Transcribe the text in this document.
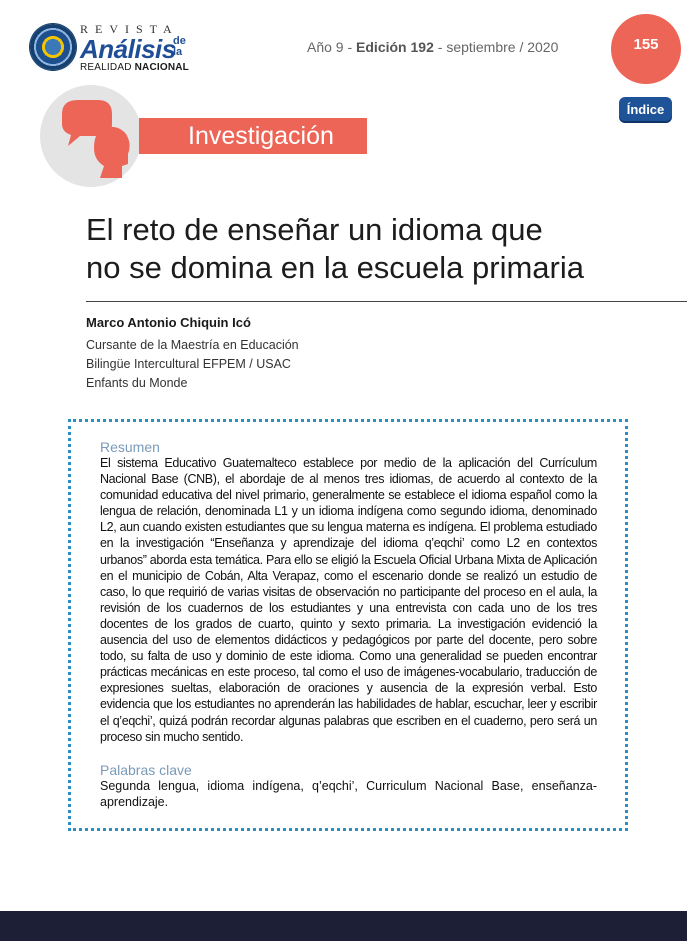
REVISTA
Análisis
de la
REALIDAD NACIONAL
Año 9 - Edición 192 - septiembre / 2020	155
Índice
Investigación
El reto de enseñar un idioma que
no se domina en la escuela primaria
Marco Antonio Chiquin Icó
Cursante de la Maestría en Educación
Bilingüe Intercultural EFPEM / USAC
Enfants du Monde
Resumen
El sistema Educativo Guatemalteco establece por medio de la aplicación del Currículum Nacional Base (CNB), el abordaje de al menos tres idiomas, de acuerdo al contexto de la comunidad educativa del nivel primario, generalmente se establece el idioma español como la lengua de relación, denominada L1 y un idioma indígena como segundo idioma, denominado L2, aun cuando existen estudiantes que su lengua materna es indígena. El problema estudiado en la investigación “Enseñanza y aprendizaje del idioma q’eqchi’ como L2 en contextos urbanos” aborda esta temática. Para ello se eligió la Escuela Oficial Urbana Mixta de Aplicación en el municipio de Cobán, Alta Verapaz, como el escenario donde se realizó un estudio de caso, lo que requirió de varias visitas de observación no participante del proceso en el aula, la revisión de los cuadernos de los estudiantes y una entrevista con cada uno de los tres docentes de los grados de cuarto, quinto y sexto primaria. La investigación evidenció la ausencia del uso de elementos didácticos y pedagógicos por parte del docente, pero sobre todo, su falta de uso y dominio de este idioma. Como una generalidad se pueden encontrar prácticas mecánicas en este proceso, tal como el uso de imágenes-vocabulario, traducción de expresiones sueltas, elaboración de oraciones y ausencia de la expresión verbal. Esto evidencia que los estudiantes no aprenderán las habilidades de hablar, escuchar, leer y escribir el q’eqchi’, quizá podrán recordar algunas palabras que escriben en el cuaderno, pero será un proceso sin mucho sentido.
Palabras clave
Segunda lengua, idioma indígena, q’eqchi’, Curriculum Nacional Base, enseñanza-aprendizaje.
